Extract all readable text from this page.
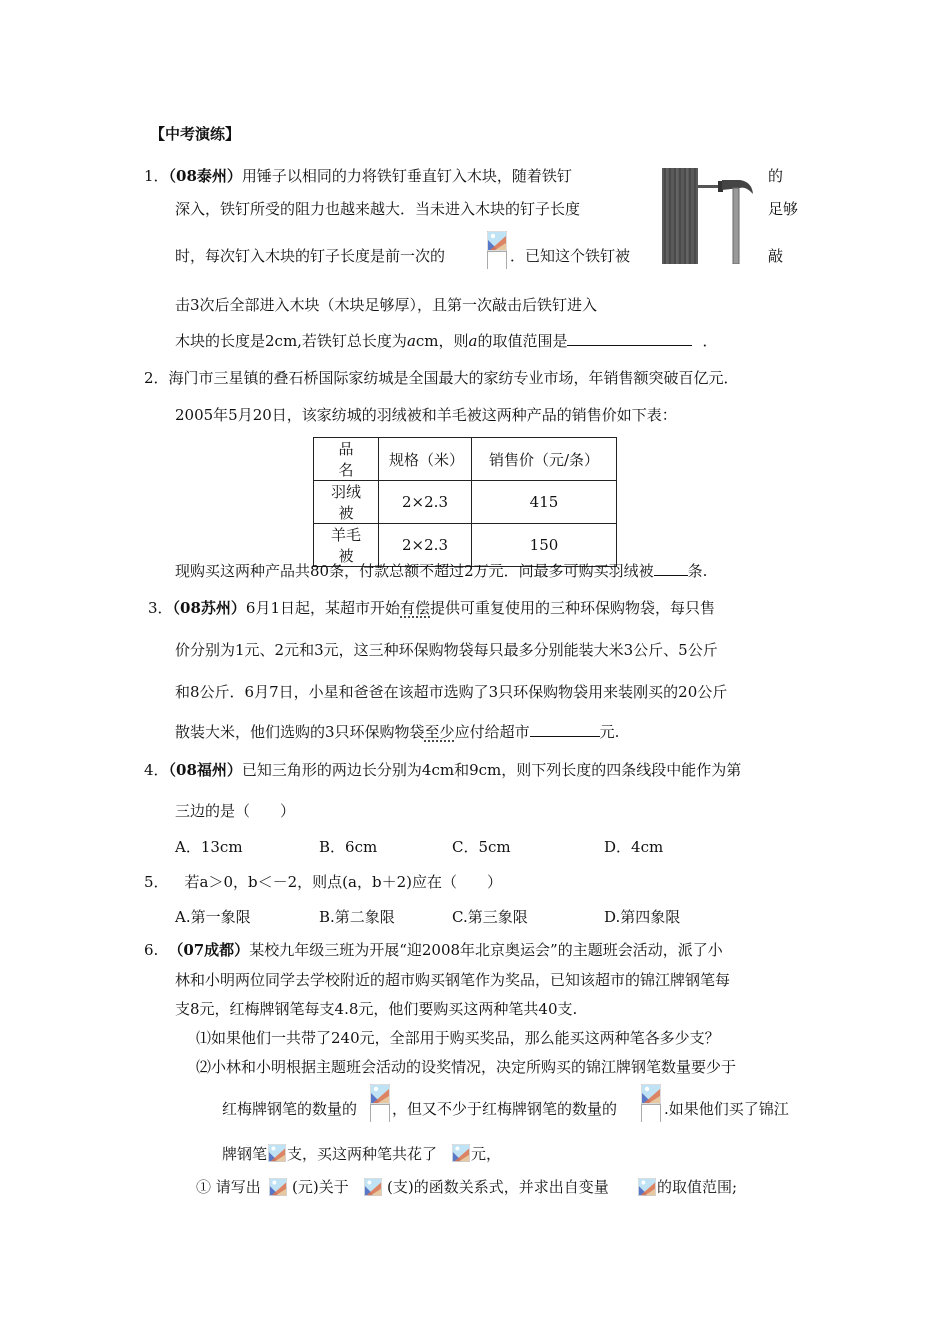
【中考演练】
1．（08泰州）用锤子以相同的力将铁钉垂直钉入木块，随着铁钉	的
深入，铁钉所受的阻力也越来越大．当未进入木块的钉子长度	足够
时，每次钉入木块的钉子长度是前一次的	．已知这个铁钉被	敲
击3次后全部进入木块（木块足够厚），且第一次敲击后铁钉进入
木块的长度是2cm,若铁钉总长度为acm，则a的取值范围是	．
2．海门市三星镇的叠石桥国际家纺城是全国最大的家纺专业市场，年销售额突破百亿元．
2005年5月20日，该家纺城的羽绒被和羊毛被这两种产品的销售价如下表：
品　名	规格（米）	销售价（元/条）
羽绒被	2×2.3	415
羊毛被	2×2.3	150
现购买这两种产品共80条，付款总额不超过2万元．问最多可购买羽绒被 条.
3．（08苏州）6月1日起，某超市开始有偿提供可重复使用的三种环保购物袋，每只售
价分别为1元、2元和3元，这三种环保购物袋每只最多分别能装大米3公斤、5公斤
和8公斤．6月7日，小星和爸爸在该超市选购了3只环保购物袋用来装刚买的20公斤
散装大米，他们选购的3只环保购物袋至少应付给超市	元.
4．（08福州）已知三角形的两边长分别为4cm和9cm，则下列长度的四条线段中能作为第
三边的是（　　）
A．13cm	B．6cm	C．5cm	D．4cm
5． 若a＞0，b＜－2，则点(a，b＋2)应在（　　）
A.第一象限	B.第二象限	C.第三象限	D.第四象限
6. （07成都）某校九年级三班为开展“迎2008年北京奥运会”的主题班会活动，派了小
林和小明两位同学去学校附近的超市购买钢笔作为奖品，已知该超市的锦江牌钢笔每
支8元，红梅牌钢笔每支4.8元，他们要购买这两种笔共40支.
⑴如果他们一共带了240元，全部用于购买奖品，那么能买这两种笔各多少支？
⑵小林和小明根据主题班会活动的设奖情况，决定所购买的锦江牌钢笔数量要少于
红梅牌钢笔的数量的 ，但又不少于红梅牌钢笔的数量的	.如果他们买了锦江
牌钢笔 支，买这两种笔共花了 元，
① 请写出 (元)关于	(支)的函数关系式，并求出自变量	的取值范围;
